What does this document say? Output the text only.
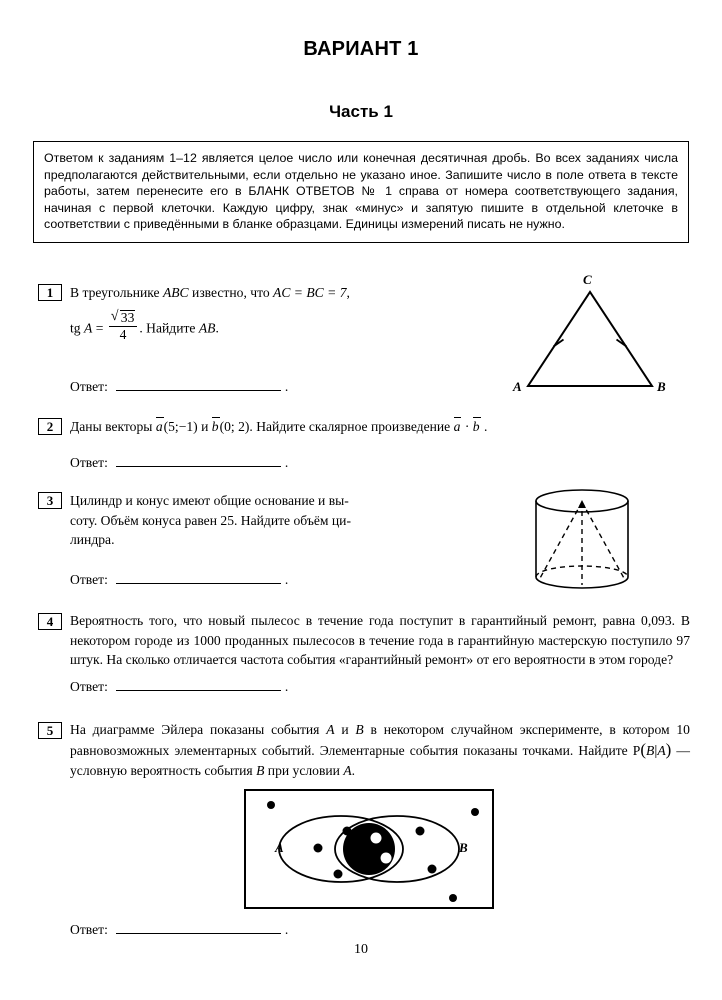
ВАРИАНТ 1
Часть 1
Ответом к заданиям 1–12 является целое число или конечная десятичная дробь. Во всех заданиях числа предполагаются действительными, если отдельно не указано иное. Запишите число в поле ответа в тексте работы, затем перенесите его в БЛАНК ОТВЕТОВ № 1 справа от номера соответствующего задания, начиная с первой клеточки. Каждую цифру, знак «минус» и запятую пишите в отдельной клеточке в соответствии с приведёнными в бланке образцами. Единицы измерений писать не нужно.
1	В треугольнике ABC известно, что AC = BC = 7,
tg A = √ $\frac{33}{4}$ . Найдите AB.
C
A	B
Ответ:	.
2	Даны векторы a(5;−1) и b(0; 2). Найдите скалярное произведение a · b .
Ответ:	.
3	Цилиндр и конус имеют общие основание и вы-
соту. Объём конуса равен 25. Найдите объём ци-
линдра.
Ответ:	.
4	Вероятность того, что новый пылесос в течение года поступит в гарантийный ремонт, равна 0,093. В некотором городе из 1000 проданных пылесосов в течение года в гарантийную мастерскую поступило 97 штук. На сколько отличается частота события «гарантийный ремонт» от его вероятности в этом городе?
Ответ:	.
5	На диаграмме Эйлера показаны события A и B в некотором случайном эксперименте, в котором 10 равновозможных элементарных событий. Элементарные события показаны точками. Найдите P(B|A) — условную вероятность события B при условии A.
A	B
Ответ:	.
10
